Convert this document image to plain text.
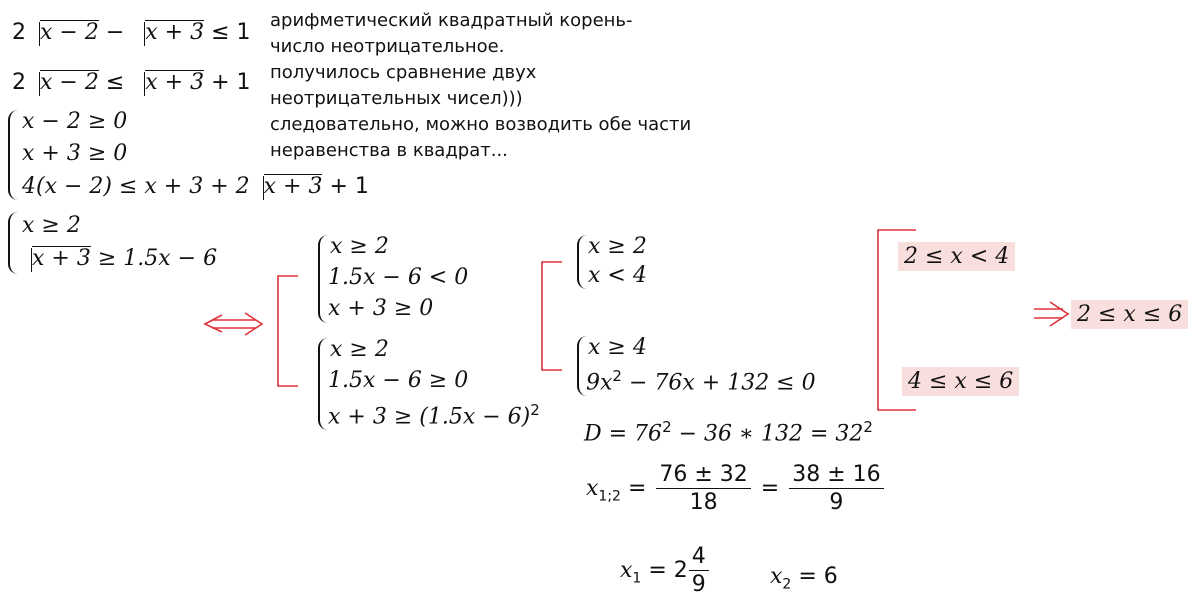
2 x − 2 − x + 3 ≤ 1
2 x − 2 ≤ x + 3 + 1
x − 2 ≥ 0
x + 3 ≥ 0
4(x − 2) ≤ x + 3 + 2 x + 3 + 1
x ≥ 2
x + 3 ≥ 1.5x − 6
арифметический квадратный корень-
число неотрицательное.
получилось сравнение двух
неотрицательных чисел)))
следовательно, можно возводить обе части
неравенства в квадрат...
x ≥ 2
1.5x − 6 < 0
x + 3 ≥ 0
x ≥ 2
1.5x − 6 ≥ 0
$x + 3 \ge (1.5x - 6)^2$
x ≥ 2
x < 4
x ≥ 4
$9x^2 - 76x + 132 \le 0$
$D = 76^2 - 36$ ∗ $132 = 32^2$
$x_{1;2} = \frac{76 \pm 32}{18} = \frac{38 \pm 16}{9}$
$x_1 = 2 \frac{4}{9}$	$x_2 = 6$
2 ≤ x < 4
4 ≤ x ≤ 6
2 ≤ x ≤ 6
